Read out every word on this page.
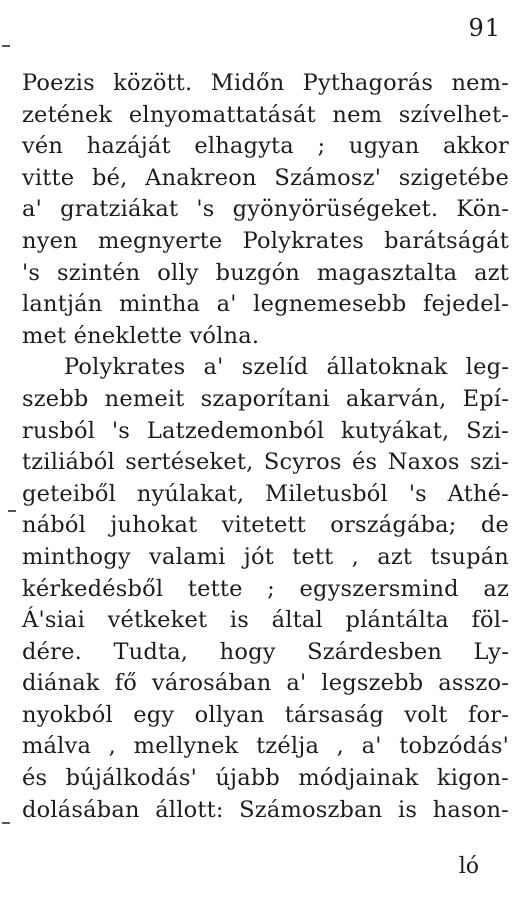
91
Poezis között. Midőn Pythagorás nem-
zetének elnyomattatását nem szívelhet-
vén hazáját elhagyta ; ugyan akkor
vitte bé, Anakreon Számosz' szigetébe
a' gratziákat 's gyönyörüségeket. Kön-
nyen megnyerte Polykrates barátságát
's szintén olly buzgón magasztalta azt
lantján mintha a' legnemesebb fejedel-
met éneklette vólna.
Polykrates a' szelíd állatoknak leg-
szebb nemeit szaporítani akarván, Epí-
rusból 's Latzedemonból kutyákat, Szi-
tziliából sertéseket, Scyros és Naxos szi-
geteiből nyúlakat, Miletusból 's Athé-
nából juhokat vitetett országába; de
minthogy valami jót tett , azt tsupán
kérkedésből tette ; egyszersmind az
Á'siai vétkeket is által plántálta föl-
dére. Tudta, hogy Szárdesben Ly-
diának fő városában a' legszebb asszo-
nyokból egy ollyan társaság volt for-
málva , mellynek tzélja , a' tobzódás'
és bújálkodás' újabb módjainak kigon-
dolásában állott: Számoszban is hason-
ló
